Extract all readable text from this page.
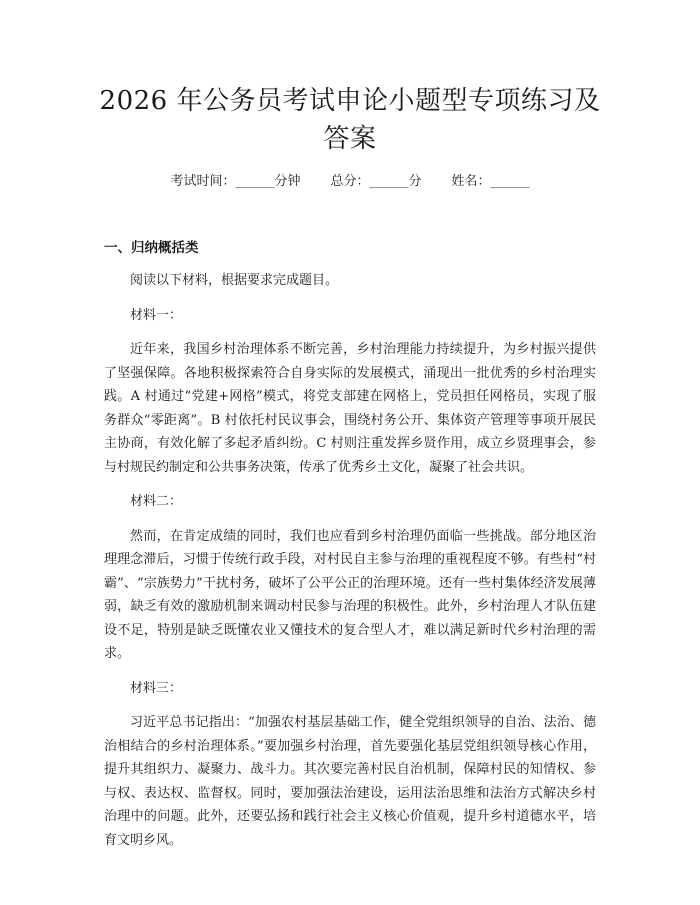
2026 年公务员考试申论小题型专项练习及答案
考试时间：______分钟 总分：______分 姓名：______
一、归纳概括类

阅读以下材料，根据要求完成题目。

材料一：

近年来，我国乡村治理体系不断完善，乡村治理能力持续提升，为乡村振兴提供了坚强保障。各地积极探索符合自身实际的发展模式，涌现出一批优秀的乡村治理实践。A 村通过“党建+网格”模式，将党支部建在网格上，党员担任网格员，实现了服务群众“零距离”。B 村依托村民议事会，围绕村务公开、集体资产管理等事项开展民主协商，有效化解了多起矛盾纠纷。C 村则注重发挥乡贤作用，成立乡贤理事会，参与村规民约制定和公共事务决策，传承了优秀乡土文化，凝聚了社会共识。

材料二：

然而，在肯定成绩的同时，我们也应看到乡村治理仍面临一些挑战。部分地区治理理念滞后，习惯于传统行政手段，对村民自主参与治理的重视程度不够。有些村“村霸”、“宗族势力”干扰村务，破坏了公平公正的治理环境。还有一些村集体经济发展薄弱，缺乏有效的激励机制来调动村民参与治理的积极性。此外，乡村治理人才队伍建设不足，特别是缺乏既懂农业又懂技术的复合型人才，难以满足新时代乡村治理的需求。

材料三：

习近平总书记指出：“加强农村基层基础工作，健全党组织领导的自治、法治、德治相结合的乡村治理体系。”要加强乡村治理，首先要强化基层党组织领导核心作用，提升其组织力、凝聚力、战斗力。其次要完善村民自治机制，保障村民的知情权、参与权、表达权、监督权。同时，要加强法治建设，运用法治思维和法治方式解决乡村治理中的问题。此外，还要弘扬和践行社会主义核心价值观，提升乡村道德水平，培育文明乡风。
